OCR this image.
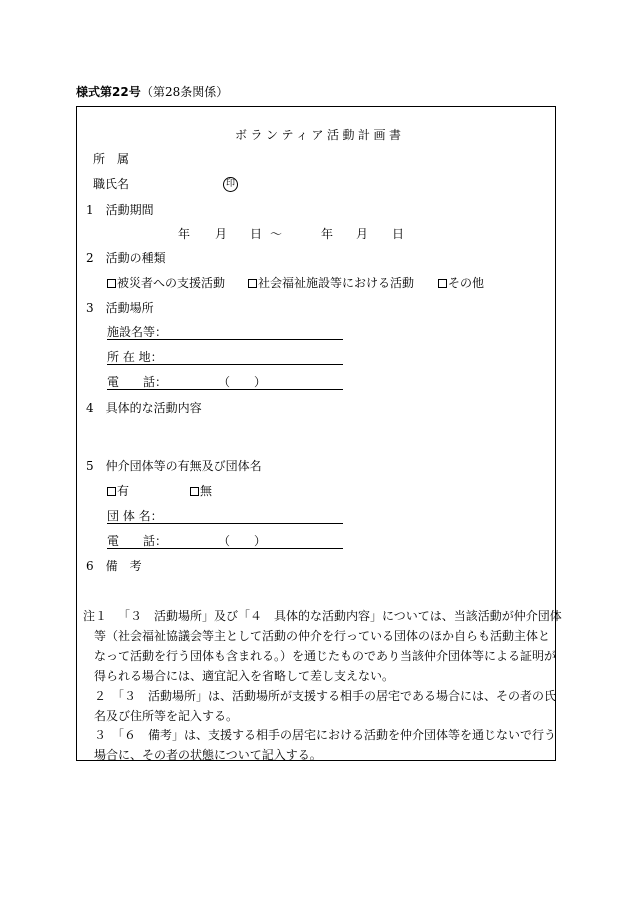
様式第22号 （第28条関係）
ボランティア活動計画書
所　属
職氏名	印
1　活動期間
年 月 日 ～	年 月 日
2　活動の種類
被災者への支援活動	社会福祉施設等における活動	その他
3　活動場所
施設名等：
所 在 地：
電　　話：	（　　）
4　具体的な活動内容
5　仲介団体等の有無及び団体名
有	無
団 体 名：
電　　話：	（　　）
6　備　考
注１ 「３　活動場所」及び「４　具体的な活動内容」については、当該活動が仲介団体
等（社会福祉協議会等主として活動の仲介を行っている団体のほか自らも活動主体と
なって活動を行う団体も含まれる。）を通じたものであり当該仲介団体等による証明が
得られる場合には、適宜記入を省略して差し支えない。
２　「３　活動場所」は、活動場所が支援する相手の居宅である場合には、その者の氏
名及び住所等を記入する。
３　「６　備考」は、支援する相手の居宅における活動を仲介団体等を通じないで行う
場合に、その者の状態について記入する。
